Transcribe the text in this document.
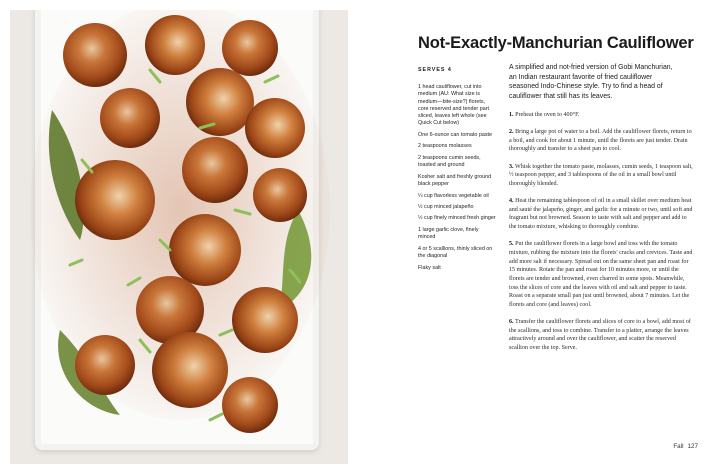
Not-Exactly-Manchurian Cauliflower
SERVES 4
1 head cauliflower, cut into medium (AU: What size is medium—bite-size?) florets, core reserved and tender part sliced, leaves left whole (see Quick Cut below)
One 6-ounce can tomato paste
2 teaspoons molasses
2 teaspoons cumin seeds, toasted and ground
Kosher salt and freshly ground black pepper
¼ cup flavorless vegetable oil
½ cup minced jalapeño
½ cup finely minced fresh ginger
1 large garlic clove, finely minced
4 or 5 scallions, thinly sliced on the diagonal
Flaky salt

A simplified and not-fried version of Gobi Manchurian, an Indian restaurant favorite of fried cauliflower seasoned Indo-Chinese style. Try to find a head of cauliflower that still has its leaves.

1. Preheat the oven to 400°F.
2. Bring a large pot of water to a boil. Add the cauliflower florets, return to a boil, and cook for about 1 minute, until the florets are just tender. Drain thoroughly and transfer to a sheet pan to cool.
3. Whisk together the tomato paste, molasses, cumin seeds, 1 teaspoon salt, ½ teaspoon pepper, and 3 tablespoons of the oil in a small bowl until thoroughly blended.
4. Heat the remaining tablespoon of oil in a small skillet over medium heat and sauté the jalapeño, ginger, and garlic for a minute or two, until soft and fragrant but not browned. Season to taste with salt and pepper and add to the tomato mixture, whisking to thoroughly combine.
5. Put the cauliflower florets in a large bowl and toss with the tomato mixture, rubbing the mixture into the florets' cracks and crevices. Taste and add more salt if necessary. Spread out on the same sheet pan and roast for 15 minutes. Rotate the pan and roast for 10 minutes more, or until the florets are tender and browned, even charred in some spots. Meanwhile, toss the slices of core and the leaves with oil and salt and pepper to taste. Roast on a separate small pan just until browned, about 7 minutes. Let the florets and core (and leaves) cool.
6. Transfer the cauliflower florets and slices of core to a bowl, add most of the scallions, and toss to combine. Transfer to a platter, arrange the leaves attractively around and over the cauliflower, and scatter the reserved scallion over the top. Serve.
Fall 127
